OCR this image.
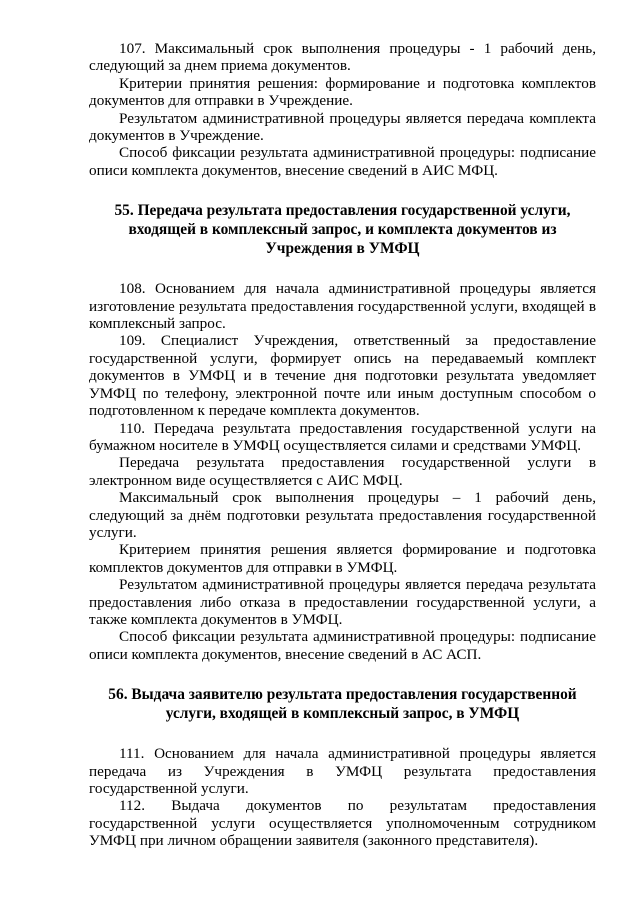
107. Максимальный срок выполнения процедуры - 1 рабочий день, следующий за днем приема документов.

Критерии принятия решения: формирование и подготовка комплектов документов для отправки в Учреждение.

Результатом административной процедуры является передача комплекта документов в Учреждение.

Способ фиксации результата административной процедуры: подписание описи комплекта документов, внесение сведений в АИС МФЦ.

55. Передача результата предоставления государственной услуги, входящей в комплексный запрос, и комплекта документов из Учреждения в УМФЦ

108. Основанием для начала административной процедуры является изготовление результата предоставления государственной услуги, входящей в комплексный запрос.

109. Специалист Учреждения, ответственный за предоставление государственной услуги, формирует опись на передаваемый комплект документов в УМФЦ и в течение дня подготовки результата уведомляет УМФЦ по телефону, электронной почте или иным доступным способом о подготовленном к передаче комплекта документов.

110. Передача результата предоставления государственной услуги на бумажном носителе в УМФЦ осуществляется силами и средствами УМФЦ.

Передача результата предоставления государственной услуги в электронном виде осуществляется с АИС МФЦ.

Максимальный срок выполнения процедуры – 1 рабочий день, следующий за днём подготовки результата предоставления государственной услуги.

Критерием принятия решения является формирование и подготовка комплектов документов для отправки в УМФЦ.

Результатом административной процедуры является передача результата предоставления либо отказа в предоставлении государственной услуги, а также комплекта документов в УМФЦ.

Способ фиксации результата административной процедуры: подписание описи комплекта документов, внесение сведений в АС АСП.

56. Выдача заявителю результата предоставления государственной услуги, входящей в комплексный запрос, в УМФЦ

111. Основанием для начала административной процедуры является передача из Учреждения в УМФЦ результата предоставления государственной услуги.

112. Выдача документов по результатам предоставления государственной услуги осуществляется уполномоченным сотрудником УМФЦ при личном обращении заявителя (законного представителя).
